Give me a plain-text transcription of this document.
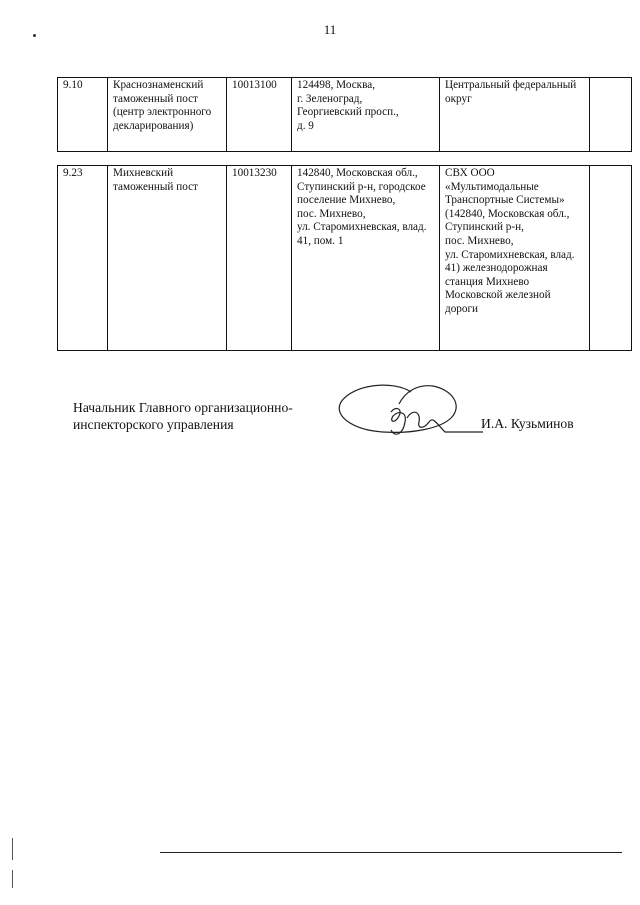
11
9.10	Краснознаменский таможенный пост (центр электронного декларирования)	10013100	124498, Москва,
г. Зеленоград,
Георгиевский просп.,
д. 9	Центральный федеральный округ	
9.23	Михневский таможенный пост	10013230	142840, Московская обл., Ступинский р-н, городское поселение Михнево,
пос. Михнево,
ул. Старомихневская, влад. 41, пом. 1	СВХ ООО
«Мультимодальные Транспортные Системы» (142840, Московская обл.,
Ступинский р-н,
пос. Михнево,
ул. Старомихневская, влад. 41) железнодорожная станция Михнево Московской железной дороги	
Начальник Главного организационно-
инспекторского управления	И.А. Кузьминов
